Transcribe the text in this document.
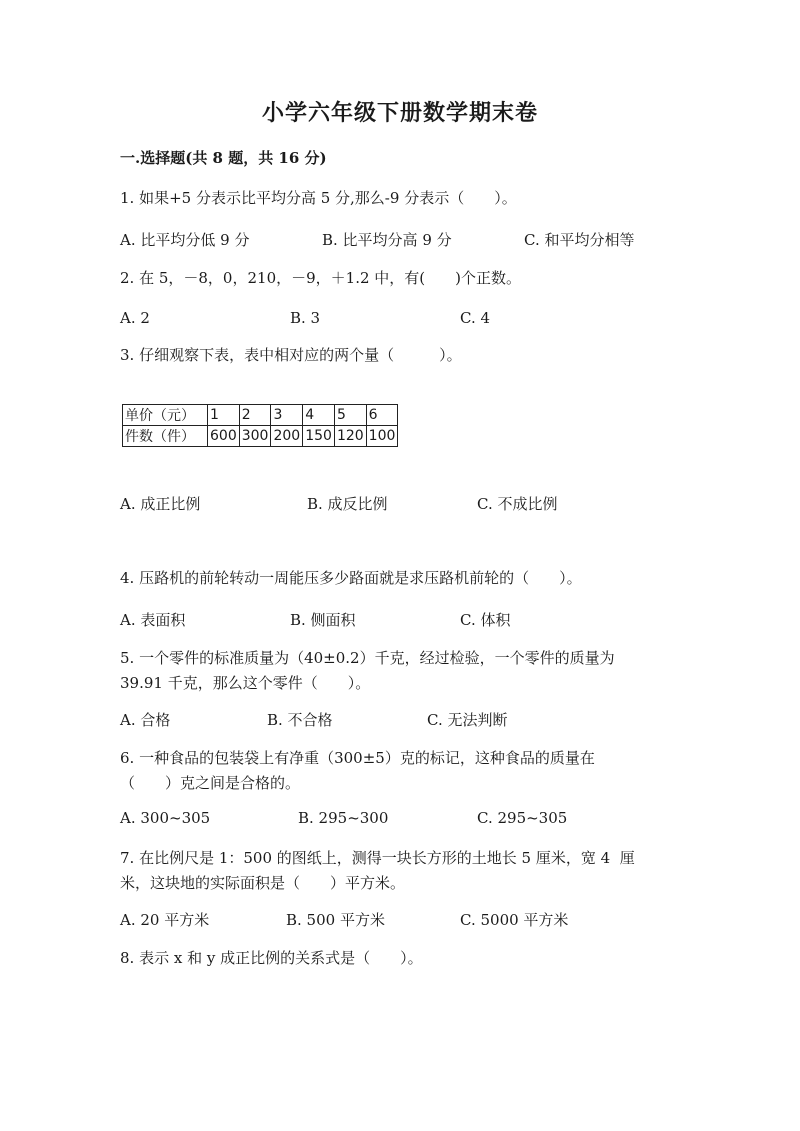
小学六年级下册数学期末卷
一.选择题(共 8 题，共 16 分)
1. 如果+5 分表示比平均分高 5 分,那么-9 分表示（　　）。
A. 比平均分低 9 分	B. 比平均分高 9 分	C. 和平均分相等
2. 在 5，－8，0，210，－9，＋1.2 中，有(　　)个正数。
A. 2	B. 3	C. 4
3. 仔细观察下表，表中相对应的两个量（　　　）。
单价（元）	1	2	3	4	5	6
件数（件）	600	300	200	150	120	100
A. 成正比例	B. 成反比例	C. 不成比例
4. 压路机的前轮转动一周能压多少路面就是求压路机前轮的（　　）。
A. 表面积	B. 侧面积	C. 体积
5. 一个零件的标准质量为（40±0.2）千克，经过检验，一个零件的质量为
39.91 千克，那么这个零件（　　）。
A. 合格	B. 不合格	C. 无法判断
6. 一种食品的包装袋上有净重（300±5）克的标记，这种食品的质量在
（　　）克之间是合格的。
A. 300~305	B. 295~300	C. 295~305
7. 在比例尺是 1：500 的图纸上，测得一块长方形的土地长 5 厘米，宽 4  厘
米，这块地的实际面积是（　　）平方米。
A. 20 平方米	B. 500 平方米	C. 5000 平方米
8. 表示 x 和 y 成正比例的关系式是（　　）。
